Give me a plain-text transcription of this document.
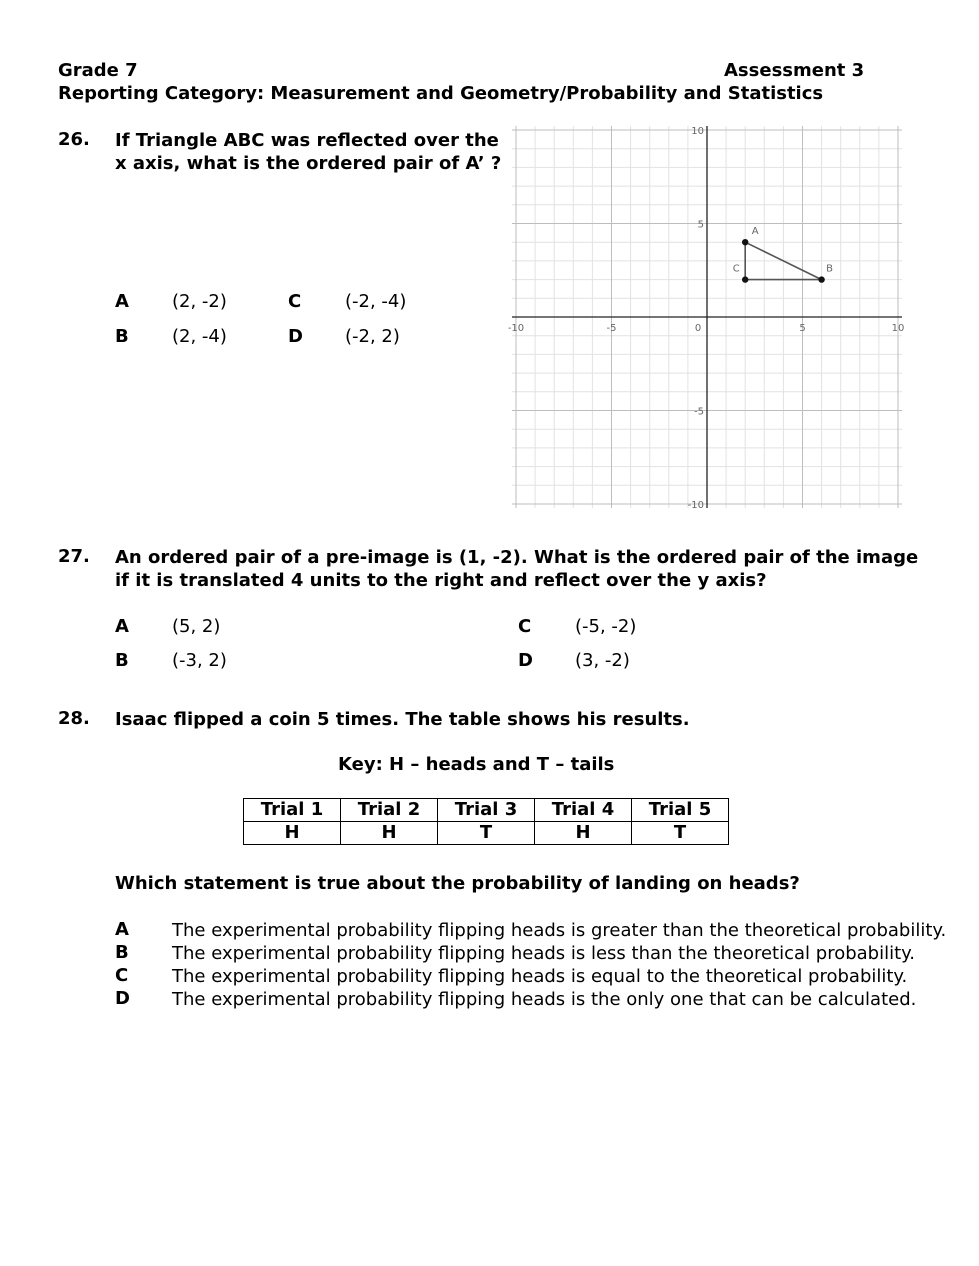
Grade 7	Assessment 3
Reporting Category: Measurement and Geometry/Probability and Statistics
26. If Triangle ABC was reflected over the x axis, what is the ordered pair of A’ ?
A (2, -2)	C (-2, -4)
B (2, -4)	D (-2, 2)	-10	-5	0	5	10
10
5
-5
-10
A
B
C
27. An ordered pair of a pre-image is (1, -2). What is the ordered pair of the image if it is translated 4 units to the right and reflect over the y axis?
A (5, 2)	C (-5, -2)
B (-3, 2)	D (3, -2)
28. Isaac flipped a coin 5 times. The table shows his results.
Key: H – heads and T – tails
Trial 1	Trial 2	Trial 3	Trial 4	Trial 5
H	H	T	H	T
Which statement is true about the probability of landing on heads?
A The experimental probability flipping heads is greater than the theoretical probability.
B The experimental probability flipping heads is less than the theoretical probability.
C The experimental probability flipping heads is equal to the theoretical probability.
D The experimental probability flipping heads is the only one that can be calculated.
